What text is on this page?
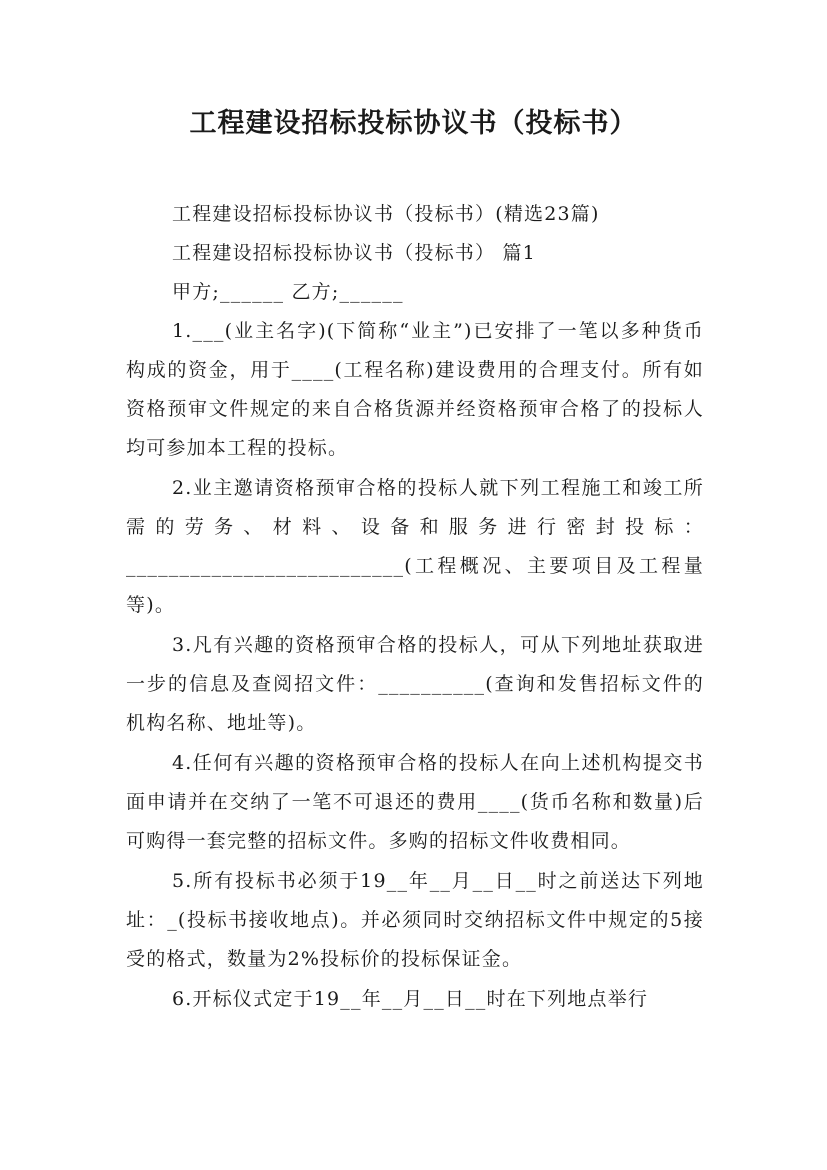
工程建设招标投标协议书（投标书）

工程建设招标投标协议书（投标书）(精选23篇)

工程建设招标投标协议书（投标书） 篇1

甲方;______ 乙方;______

1.___(业主名字)(下简称“业主”)已安排了一笔以多种货币构成的资金，用于____(工程名称)建设费用的合理支付。所有如资格预审文件规定的来自合格货源并经资格预审合格了的投标人均可参加本工程的投标。

2.业主邀请资格预审合格的投标人就下列工程施工和竣工所需的劳务、材料、设备和服务进行密封投标：__________________________(工程概况、主要项目及工程量等)。

3.凡有兴趣的资格预审合格的投标人，可从下列地址获取进一步的信息及查阅招文件：__________(查询和发售招标文件的机构名称、地址等)。

4.任何有兴趣的资格预审合格的投标人在向上述机构提交书面申请并在交纳了一笔不可退还的费用____(货币名称和数量)后可购得一套完整的招标文件。多购的招标文件收费相同。

5.所有投标书必须于19__年__月__日__时之前送达下列地址：_(投标书接收地点)。并必须同时交纳招标文件中规定的5接受的格式，数量为2%投标价的投标保证金。

6.开标仪式定于19__年__月__日__时在下列地点举行
